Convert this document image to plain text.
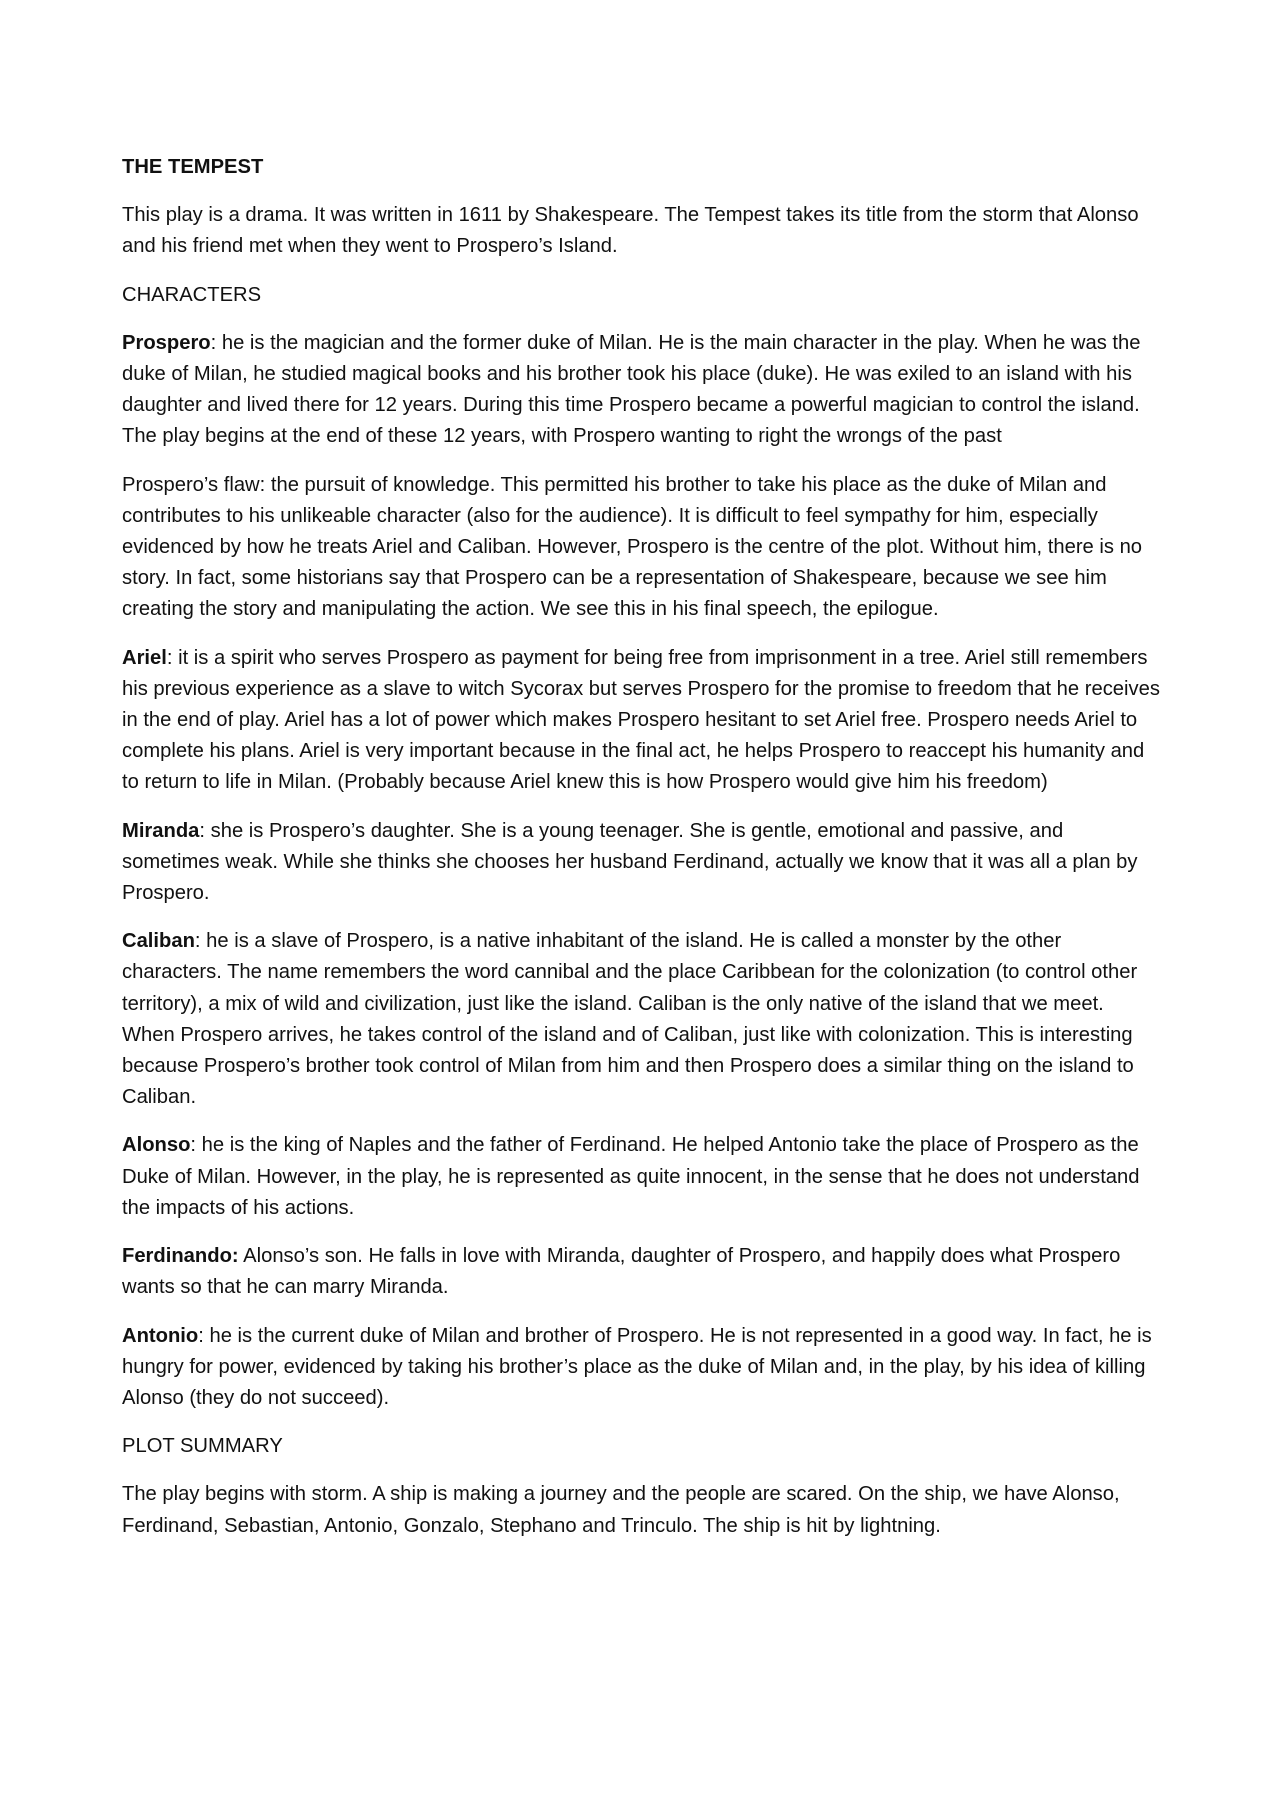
THE TEMPEST

This play is a drama. It was written in 1611 by Shakespeare. The Tempest takes its title from the storm that Alonso and his friend met when they went to Prospero’s Island.

CHARACTERS

Prospero: he is the magician and the former duke of Milan. He is the main character in the play. When he was the duke of Milan, he studied magical books and his brother took his place (duke). He was exiled to an island with his daughter and lived there for 12 years. During this time Prospero became a powerful magician to control the island. The play begins at the end of these 12 years, with Prospero wanting to right the wrongs of the past

Prospero’s flaw: the pursuit of knowledge. This permitted his brother to take his place as the duke of Milan and contributes to his unlikeable character (also for the audience). It is difficult to feel sympathy for him, especially evidenced by how he treats Ariel and Caliban. However, Prospero is the centre of the plot. Without him, there is no story. In fact, some historians say that Prospero can be a representation of Shakespeare, because we see him creating the story and manipulating the action. We see this in his final speech, the epilogue.

Ariel: it is a spirit who serves Prospero as payment for being free from imprisonment in a tree. Ariel still remembers his previous experience as a slave to witch Sycorax but serves Prospero for the promise to freedom that he receives in the end of play. Ariel has a lot of power which makes Prospero hesitant to set Ariel free. Prospero needs Ariel to complete his plans. Ariel is very important because in the final act, he helps Prospero to reaccept his humanity and to return to life in Milan. (Probably because Ariel knew this is how Prospero would give him his freedom)

Miranda: she is Prospero’s daughter. She is a young teenager. She is gentle, emotional and passive, and sometimes weak. While she thinks she chooses her husband Ferdinand, actually we know that it was all a plan by Prospero.

Caliban: he is a slave of Prospero, is a native inhabitant of the island. He is called a monster by the other characters. The name remembers the word cannibal and the place Caribbean for the colonization (to control other territory), a mix of wild and civilization, just like the island. Caliban is the only native of the island that we meet. When Prospero arrives, he takes control of the island and of Caliban, just like with colonization. This is interesting because Prospero’s brother took control of Milan from him and then Prospero does a similar thing on the island to Caliban.

Alonso: he is the king of Naples and the father of Ferdinand. He helped Antonio take the place of Prospero as the Duke of Milan. However, in the play, he is represented as quite innocent, in the sense that he does not understand the impacts of his actions.

Ferdinando: Alonso’s son. He falls in love with Miranda, daughter of Prospero, and happily does what Prospero wants so that he can marry Miranda.

Antonio: he is the current duke of Milan and brother of Prospero. He is not represented in a good way. In fact, he is hungry for power, evidenced by taking his brother’s place as the duke of Milan and, in the play, by his idea of killing Alonso (they do not succeed).

PLOT SUMMARY

The play begins with storm. A ship is making a journey and the people are scared. On the ship, we have Alonso, Ferdinand, Sebastian, Antonio, Gonzalo, Stephano and Trinculo. The ship is hit by lightning.
